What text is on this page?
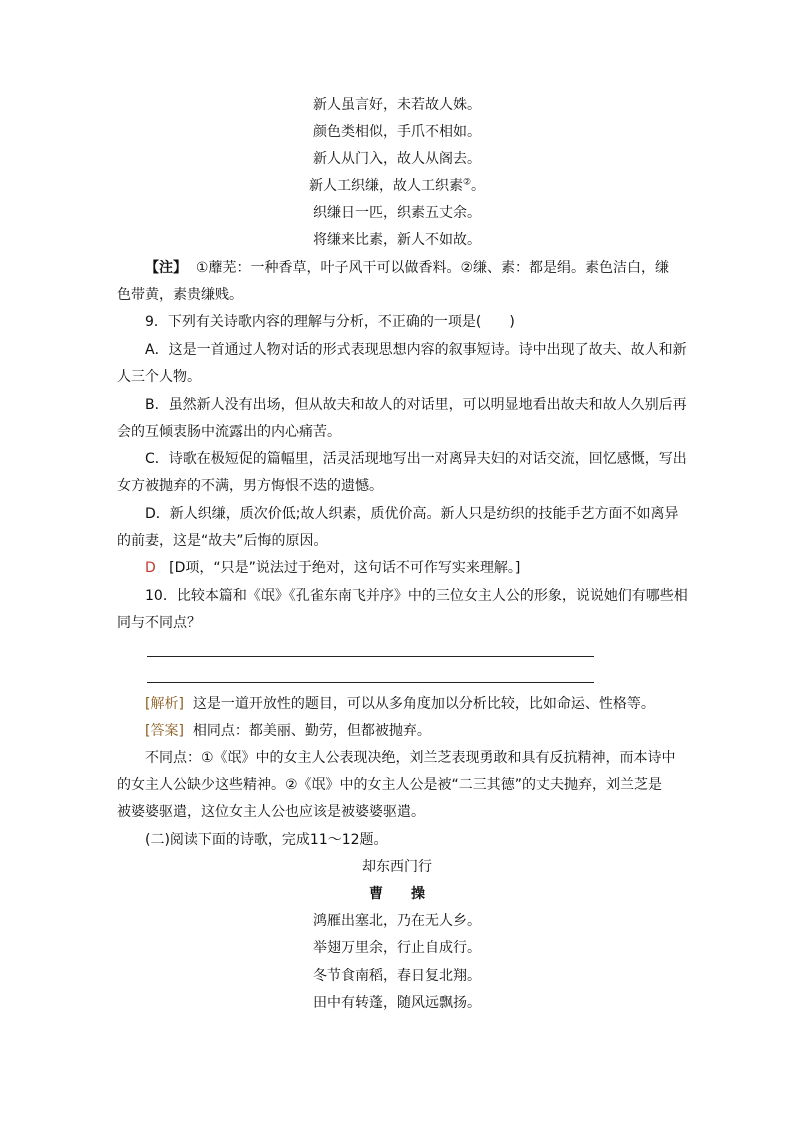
新人虽言好，未若故人姝。
颜色类相似，手爪不相如。
新人从门入，故人从阁去。
新人工织缣，故人工织素②。
织缣日一匹，织素五丈余。
将缣来比素，新人不如故。
【注】 ①蘼芜：一种香草，叶子风干可以做香料。②缣、素：都是绢。素色洁白，缣
色带黄，素贵缣贱。
9．下列有关诗歌内容的理解与分析，不正确的一项是(　　)
A．这是一首通过人物对话的形式表现思想内容的叙事短诗。诗中出现了故夫、故人和新
人三个人物。
B．虽然新人没有出场，但从故夫和故人的对话里，可以明显地看出故夫和故人久别后再
会的互倾衷肠中流露出的内心痛苦。
C．诗歌在极短促的篇幅里，活灵活现地写出一对离异夫妇的对话交流，回忆感慨，写出
女方被抛弃的不满，男方悔恨不迭的遗憾。
D．新人织缣，质次价低;故人织素，质优价高。新人只是纺织的技能手艺方面不如离异
的前妻，这是“故夫”后悔的原因。
D [D项，“只是”说法过于绝对，这句话不可作写实来理解。]
10．比较本篇和《氓》《孔雀东南飞并序》中的三位女主人公的形象，说说她们有哪些相
同与不同点？
[解析] 这是一道开放性的题目，可以从多角度加以分析比较，比如命运、性格等。
[答案] 相同点：都美丽、勤劳，但都被抛弃。
不同点：①《氓》中的女主人公表现决绝，刘兰芝表现勇敢和具有反抗精神，而本诗中
的女主人公缺少这些精神。②《氓》中的女主人公是被“二三其德”的丈夫抛弃，刘兰芝是
被婆婆驱遣，这位女主人公也应该是被婆婆驱遣。
(二)阅读下面的诗歌，完成11～12题。
却东西门行
曹 操
鸿雁出塞北，乃在无人乡。
举翅万里余，行止自成行。
冬节食南稻，春日复北翔。
田中有转蓬，随风远飘扬。
